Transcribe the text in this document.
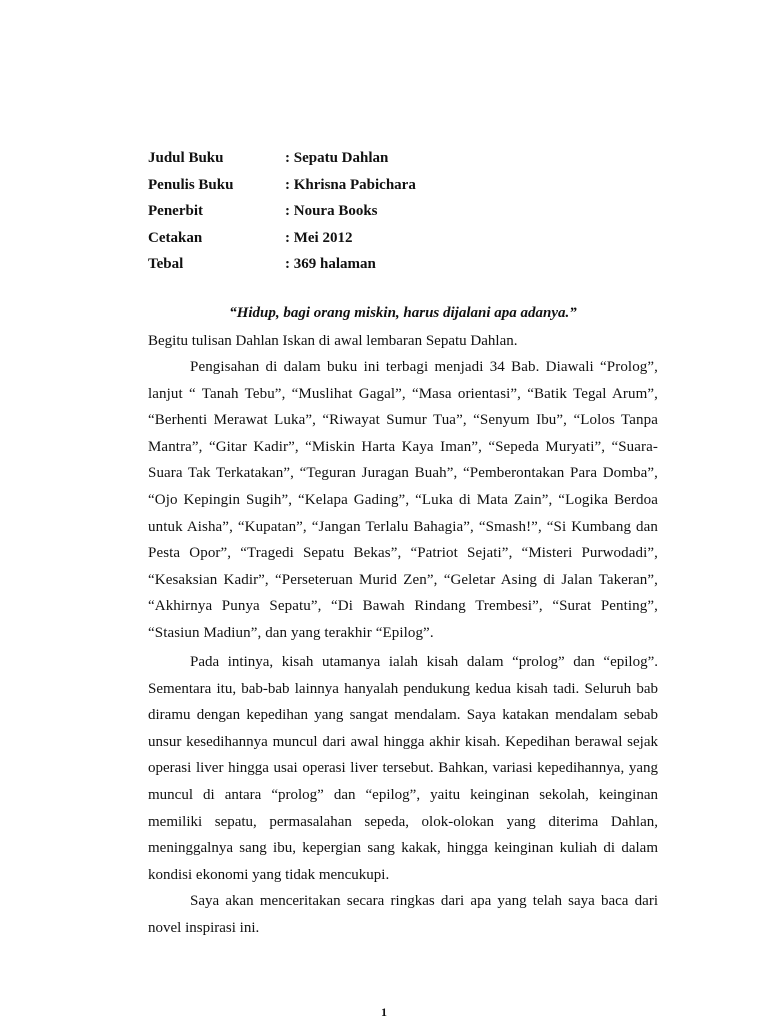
Judul Buku	: Sepatu Dahlan
Penulis Buku	: Khrisna Pabichara
Penerbit	: Noura Books
Cetakan	: Mei 2012
Tebal	: 369 halaman
“Hidup, bagi orang miskin, harus dijalani apa adanya.”
Begitu tulisan Dahlan Iskan di awal lembaran Sepatu Dahlan.

Pengisahan di dalam buku ini terbagi menjadi 34 Bab. Diawali “Prolog”, lanjut “ Tanah Tebu”, “Muslihat Gagal”, “Masa orientasi”, “Batik Tegal Arum”, “Berhenti Merawat Luka”, “Riwayat Sumur Tua”, “Senyum Ibu”, “Lolos Tanpa Mantra”, “Gitar Kadir”, “Miskin Harta Kaya Iman”, “Sepeda Muryati”, “Suara-Suara Tak Terkatakan”, “Teguran Juragan Buah”, “Pemberontakan Para Domba”, “Ojo Kepingin Sugih”, “Kelapa Gading”, “Luka di Mata Zain”, “Logika Berdoa untuk Aisha”, “Kupatan”, “Jangan Terlalu Bahagia”, “Smash!”, “Si Kumbang dan Pesta Opor”, “Tragedi Sepatu Bekas”, “Patriot Sejati”, “Misteri Purwodadi”, “Kesaksian Kadir”, “Perseteruan Murid Zen”, “Geletar Asing di Jalan Takeran”, “Akhirnya Punya Sepatu”, “Di Bawah Rindang Trembesi”, “Surat Penting”, “Stasiun Madiun”, dan yang terakhir “Epilog”.

Pada intinya, kisah utamanya ialah kisah dalam “prolog” dan “epilog”. Sementara itu, bab-bab lainnya hanyalah pendukung kedua kisah tadi. Seluruh bab diramu dengan kepedihan yang sangat mendalam. Saya katakan mendalam sebab unsur kesedihannya muncul dari awal hingga akhir kisah. Kepedihan berawal sejak operasi liver hingga usai operasi liver tersebut. Bahkan, variasi kepedihannya, yang muncul di antara “prolog” dan “epilog”, yaitu keinginan sekolah, keinginan memiliki sepatu, permasalahan sepeda, olok-olokan yang diterima Dahlan, meninggalnya sang ibu, kepergian sang kakak, hingga keinginan kuliah di dalam kondisi ekonomi yang tidak mencukupi.

Saya akan menceritakan secara ringkas dari apa yang telah saya baca dari novel inspirasi ini.

1
